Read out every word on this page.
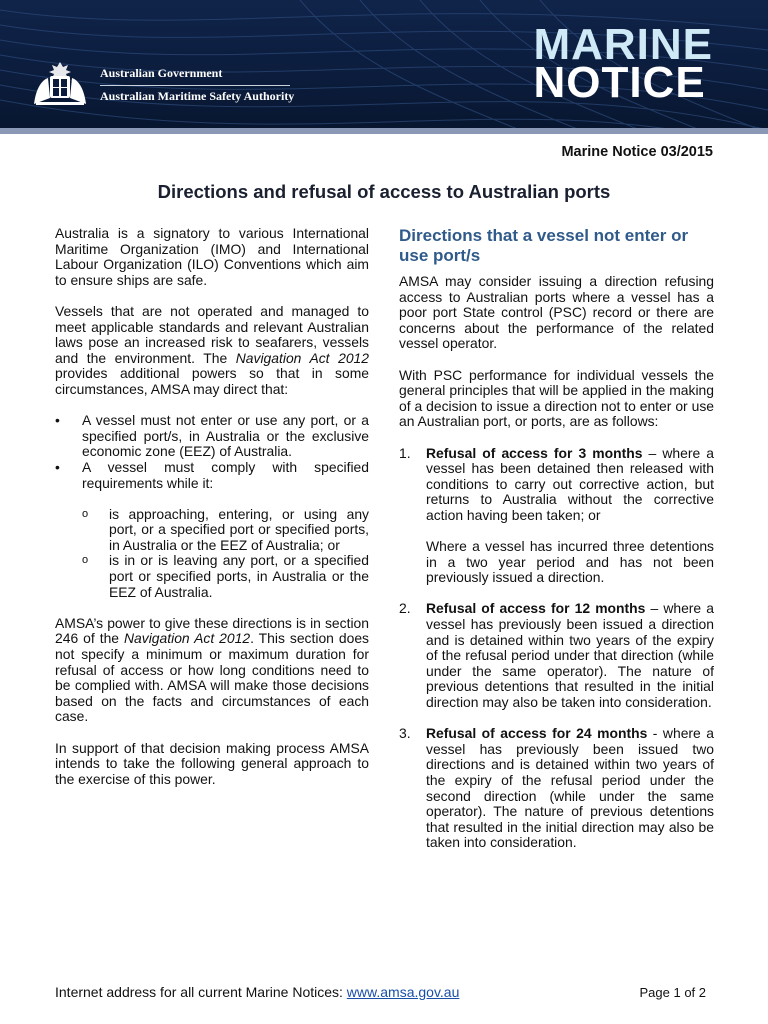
Australian Government
Australian Maritime Safety Authority
MARINE
NOTICE
Marine Notice 03/2015
Directions and refusal of access to Australian ports

Australia is a signatory to various International Maritime Organization (IMO) and International Labour Organization (ILO) Conventions which aim to ensure ships are safe.

Vessels that are not operated and managed to meet applicable standards and relevant Australian laws pose an increased risk to seafarers, vessels and the environment. The Navigation Act 2012 provides additional powers so that in some circumstances, AMSA may direct that:

•	A vessel must not enter or use any port, or a specified port/s, in Australia or the exclusive economic zone (EEZ) of Australia.
•	A vessel must comply with specified requirements while it:
o is approaching, entering, or using any port, or a specified port or specified ports, in Australia or the EEZ of Australia; or
o is in or is leaving any port, or a specified port or specified ports, in Australia or the EEZ of Australia.

AMSA’s power to give these directions is in section 246 of the Navigation Act 2012. This section does not specify a minimum or maximum duration for refusal of access or how long conditions need to be complied with. AMSA will make those decisions based on the facts and circumstances of each case.

In support of that decision making process AMSA intends to take the following general approach to the exercise of this power.

Directions that a vessel not enter or use port/s

AMSA may consider issuing a direction refusing access to Australian ports where a vessel has a poor port State control (PSC) record or there are concerns about the performance of the related vessel operator.

With PSC performance for individual vessels the general principles that will be applied in the making of a decision to issue a direction not to enter or use an Australian port, or ports, are as follows:

1. Refusal of access for 3 months – where a vessel has been detained then released with conditions to carry out corrective action, but returns to Australia without the corrective action having been taken; or

Where a vessel has incurred three detentions in a two year period and has not been previously issued a direction.

2. Refusal of access for 12 months – where a vessel has previously been issued a direction and is detained within two years of the expiry of the refusal period under that direction (while under the same operator). The nature of previous detentions that resulted in the initial direction may also be taken into consideration.
3. Refusal of access for 24 months - where a vessel has previously been issued two directions and is detained within two years of the expiry of the refusal period under the second direction (while under the same operator). The nature of previous detentions that resulted in the initial direction may also be taken into consideration.
Internet address for all current Marine Notices: www.amsa.gov.au	Page 1 of 2
